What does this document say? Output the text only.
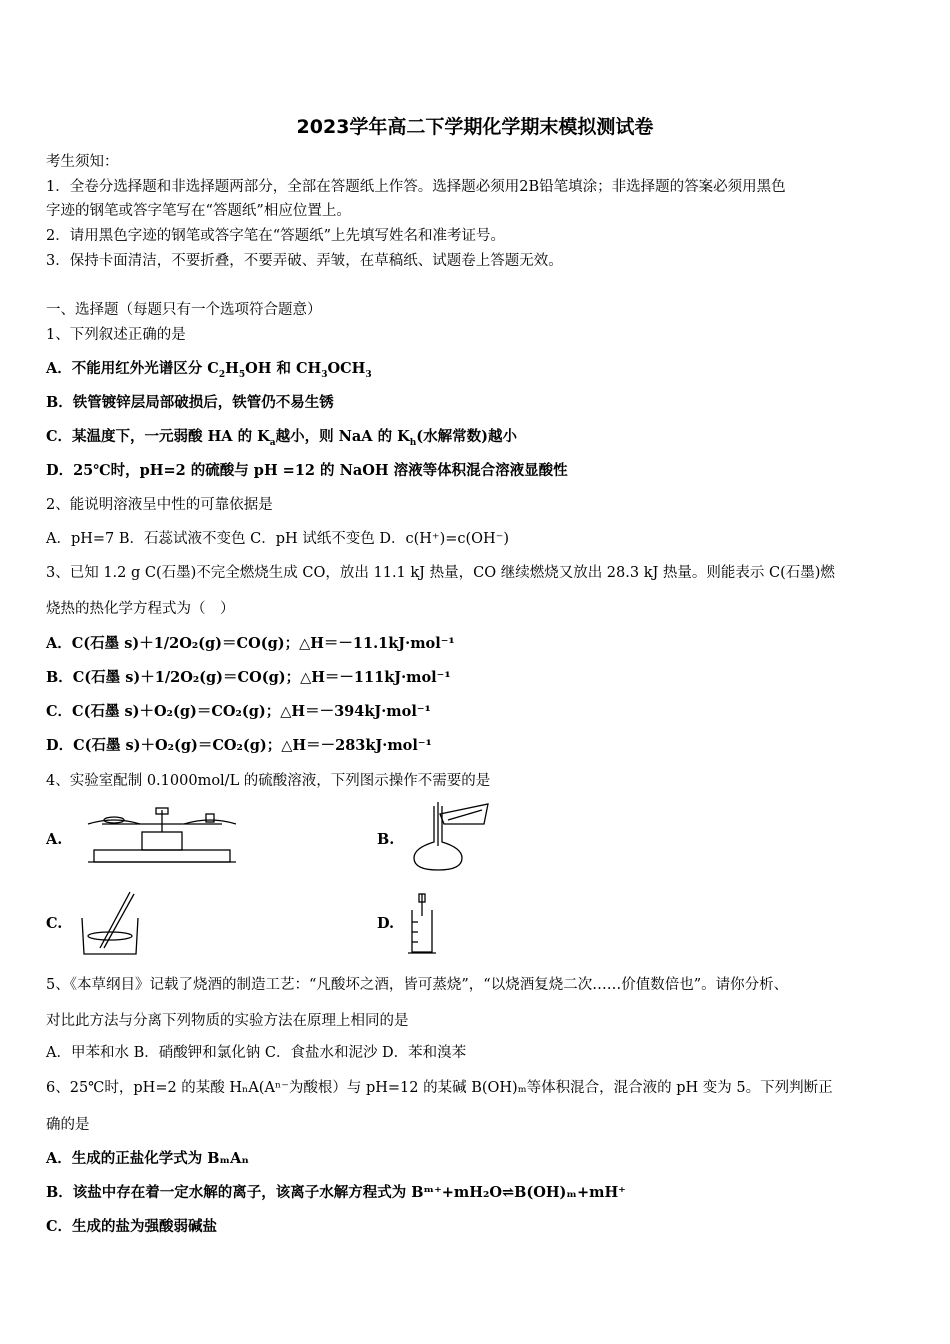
2023学年高二下学期化学期末模拟测试卷
考生须知：
1．全卷分选择题和非选择题两部分，全部在答题纸上作答。选择题必须用2B铅笔填涂；非选择题的答案必须用黑色
字迹的钢笔或答字笔写在“答题纸”相应位置上。
2．请用黑色字迹的钢笔或答字笔在“答题纸”上先填写姓名和准考证号。
3．保持卡面清洁，不要折叠，不要弄破、弄皱，在草稿纸、试题卷上答题无效。
一、选择题（每题只有一个选项符合题意）
1、下列叙述正确的是
A．不能用红外光谱区分 $C_2H_5OH$ 和 $CH_3OCH_3$
B．铁管镀锌层局部破损后，铁管仍不易生锈
C．某温度下，一元弱酸 HA 的 $K_a$越小，则 NaA 的 $K_h$(水解常数)越小
D．25℃时，pH=2 的硫酸与 pH =12 的 NaOH 溶液等体积混合溶液显酸性
2、能说明溶液呈中性的可靠依据是
A．pH=7 B．石蕊试液不变色 C．pH 试纸不变色 D．c(H⁺)=c(OH⁻)
3、已知 1.2 g C(石墨)不完全燃烧生成 CO，放出 11.1 kJ 热量，CO 继续燃烧又放出 28.3 kJ 热量。则能表示 C(石墨)燃
烧热的热化学方程式为（　）
A．C(石墨 s)＋1/2O₂(g)＝CO(g)；△H＝－11.1kJ·mol⁻¹
B．C(石墨 s)＋1/2O₂(g)＝CO(g)；△H＝－111kJ·mol⁻¹
C．C(石墨 s)＋O₂(g)＝CO₂(g)；△H＝－394kJ·mol⁻¹
D．C(石墨 s)＋O₂(g)＝CO₂(g)；△H＝－283kJ·mol⁻¹
4、实验室配制 0.1000mol/L 的硫酸溶液，下列图示操作不需要的是
A.	B.
C.	D.
5、《本草纲目》记载了烧酒的制造工艺：“凡酸坏之酒，皆可蒸烧”，“以烧酒复烧二次……价值数倍也”。请你分析、
对比此方法与分离下列物质的实验方法在原理上相同的是
A．甲苯和水 B．硝酸钾和氯化钠 C．食盐水和泥沙 D．苯和溴苯
6、25℃时，pH=2 的某酸 HₙA(Aⁿ⁻为酸根）与 pH=12 的某碱 B(OH)ₘ等体积混合，混合液的 pH 变为 5。下列判断正
确的是
A．生成的正盐化学式为 BₘAₙ
B．该盐中存在着一定水解的离子，该离子水解方程式为 Bᵐ⁺+mH₂O⇌B(OH)ₘ+mH⁺
C．生成的盐为强酸弱碱盐
